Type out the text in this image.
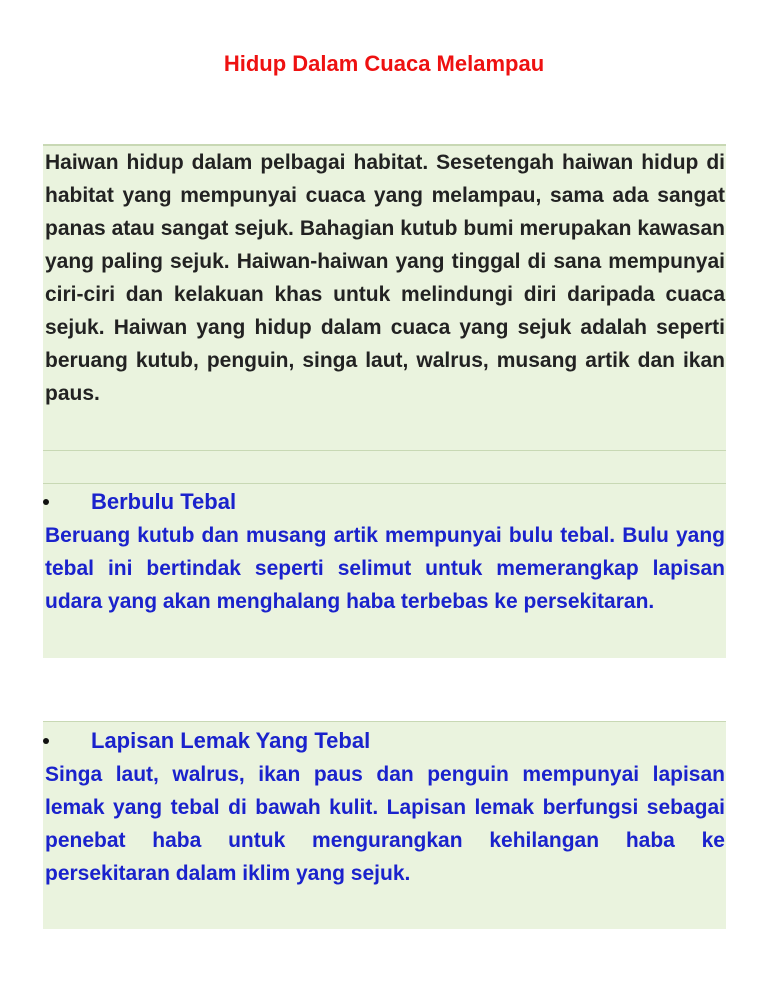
Hidup Dalam Cuaca Melampau
Haiwan hidup dalam pelbagai habitat. Sesetengah haiwan hidup di habitat yang mempunyai cuaca yang melampau, sama ada sangat panas atau sangat sejuk. Bahagian kutub bumi merupakan kawasan yang paling sejuk. Haiwan-haiwan yang tinggal di sana mempunyai ciri-ciri dan kelakuan khas untuk melindungi diri daripada cuaca sejuk. Haiwan yang hidup dalam cuaca yang sejuk adalah seperti beruang kutub, penguin, singa laut, walrus, musang artik dan ikan paus.
Berbulu Tebal
Beruang kutub dan musang artik mempunyai bulu tebal. Bulu yang tebal ini bertindak seperti selimut untuk memerangkap lapisan udara yang akan menghalang haba terbebas ke persekitaran.
Lapisan Lemak Yang Tebal
Singa laut, walrus, ikan paus dan penguin mempunyai lapisan lemak yang tebal di bawah kulit. Lapisan lemak berfungsi sebagai penebat haba untuk mengurangkan kehilangan haba ke persekitaran dalam iklim yang sejuk.
